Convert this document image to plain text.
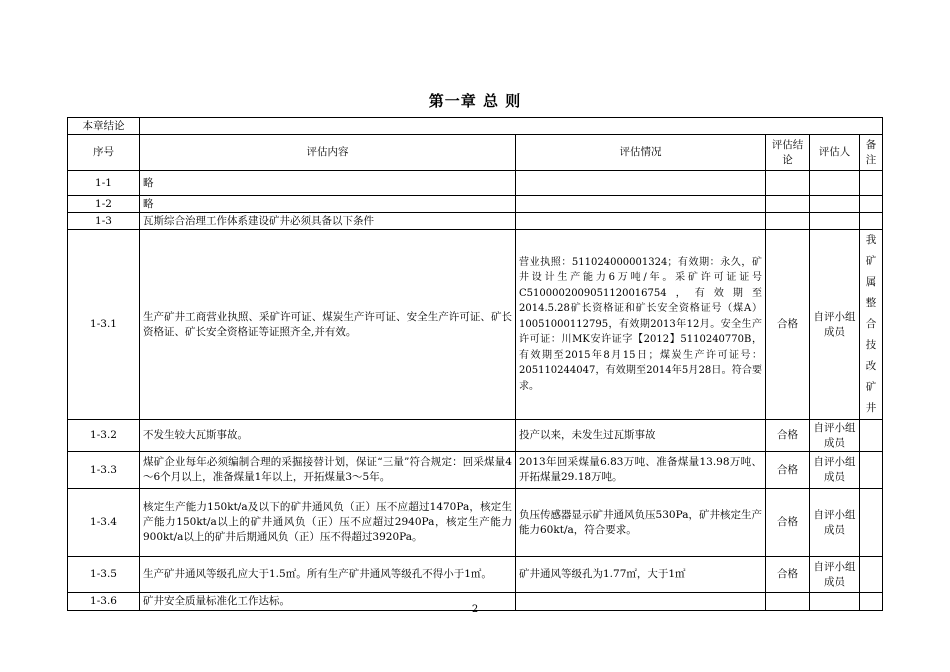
第一章 总 则
本章结论					
序号	评估内容	评估情况	评估结论	评估人	备注
1-1	略				
1-2	略				
1-3	瓦斯综合治理工作体系建设矿井必须具备以下条件				
1-3.1	生产矿井工商营业执照、采矿许可证、煤炭生产许可证、安全生产许可证、矿长资格证、矿长安全资格证等证照齐全,并有效。	营业执照：511024000001324；有效期：永久，矿井设计生产能力6万吨/年。采矿许可证证号C5100002009051120016754，有效期至2014.5.28矿长资格证和矿长安全资格证号（煤A）10051000112795，有效期2013年12月。安全生产许可证：川MK安许证字【2012】5110240770B，有效期至2015年8月15日；煤炭生产许可证号：205110244047，有效期至2014年5月28日。符合要求。	合格	自评小组成员	我矿属整合技改矿井
1-3.2	不发生较大瓦斯事故。	投产以来，未发生过瓦斯事故	合格	自评小组成员	
1-3.3	煤矿企业每年必须编制合理的采掘接替计划，保证“三量”符合规定：回采煤量4～6个月以上，准备煤量1年以上，开拓煤量3～5年。	2013年回采煤量6.83万吨、准备煤量13.98万吨、开拓煤量29.18万吨。	合格	自评小组成员	
1-3.4	核定生产能力150kt/a及以下的矿井通风负（正）压不应超过1470Pa，核定生产能力150kt/a以上的矿井通风负（正）压不应超过2940Pa，核定生产能力900kt/a以上的矿井后期通风负（正）压不得超过3920Pa。	负压传感器显示矿井通风负压530Pa，矿井核定生产能力60kt/a，符合要求。	合格	自评小组成员	
1-3.5	生产矿井通风等级孔应大于1.5㎡。所有生产矿井通风等级孔不得小于1㎡。	矿井通风等级孔为1.77㎡，大于1㎡	合格	自评小组成员	
1-3.6	矿井安全质量标准化工作达标。				
2
